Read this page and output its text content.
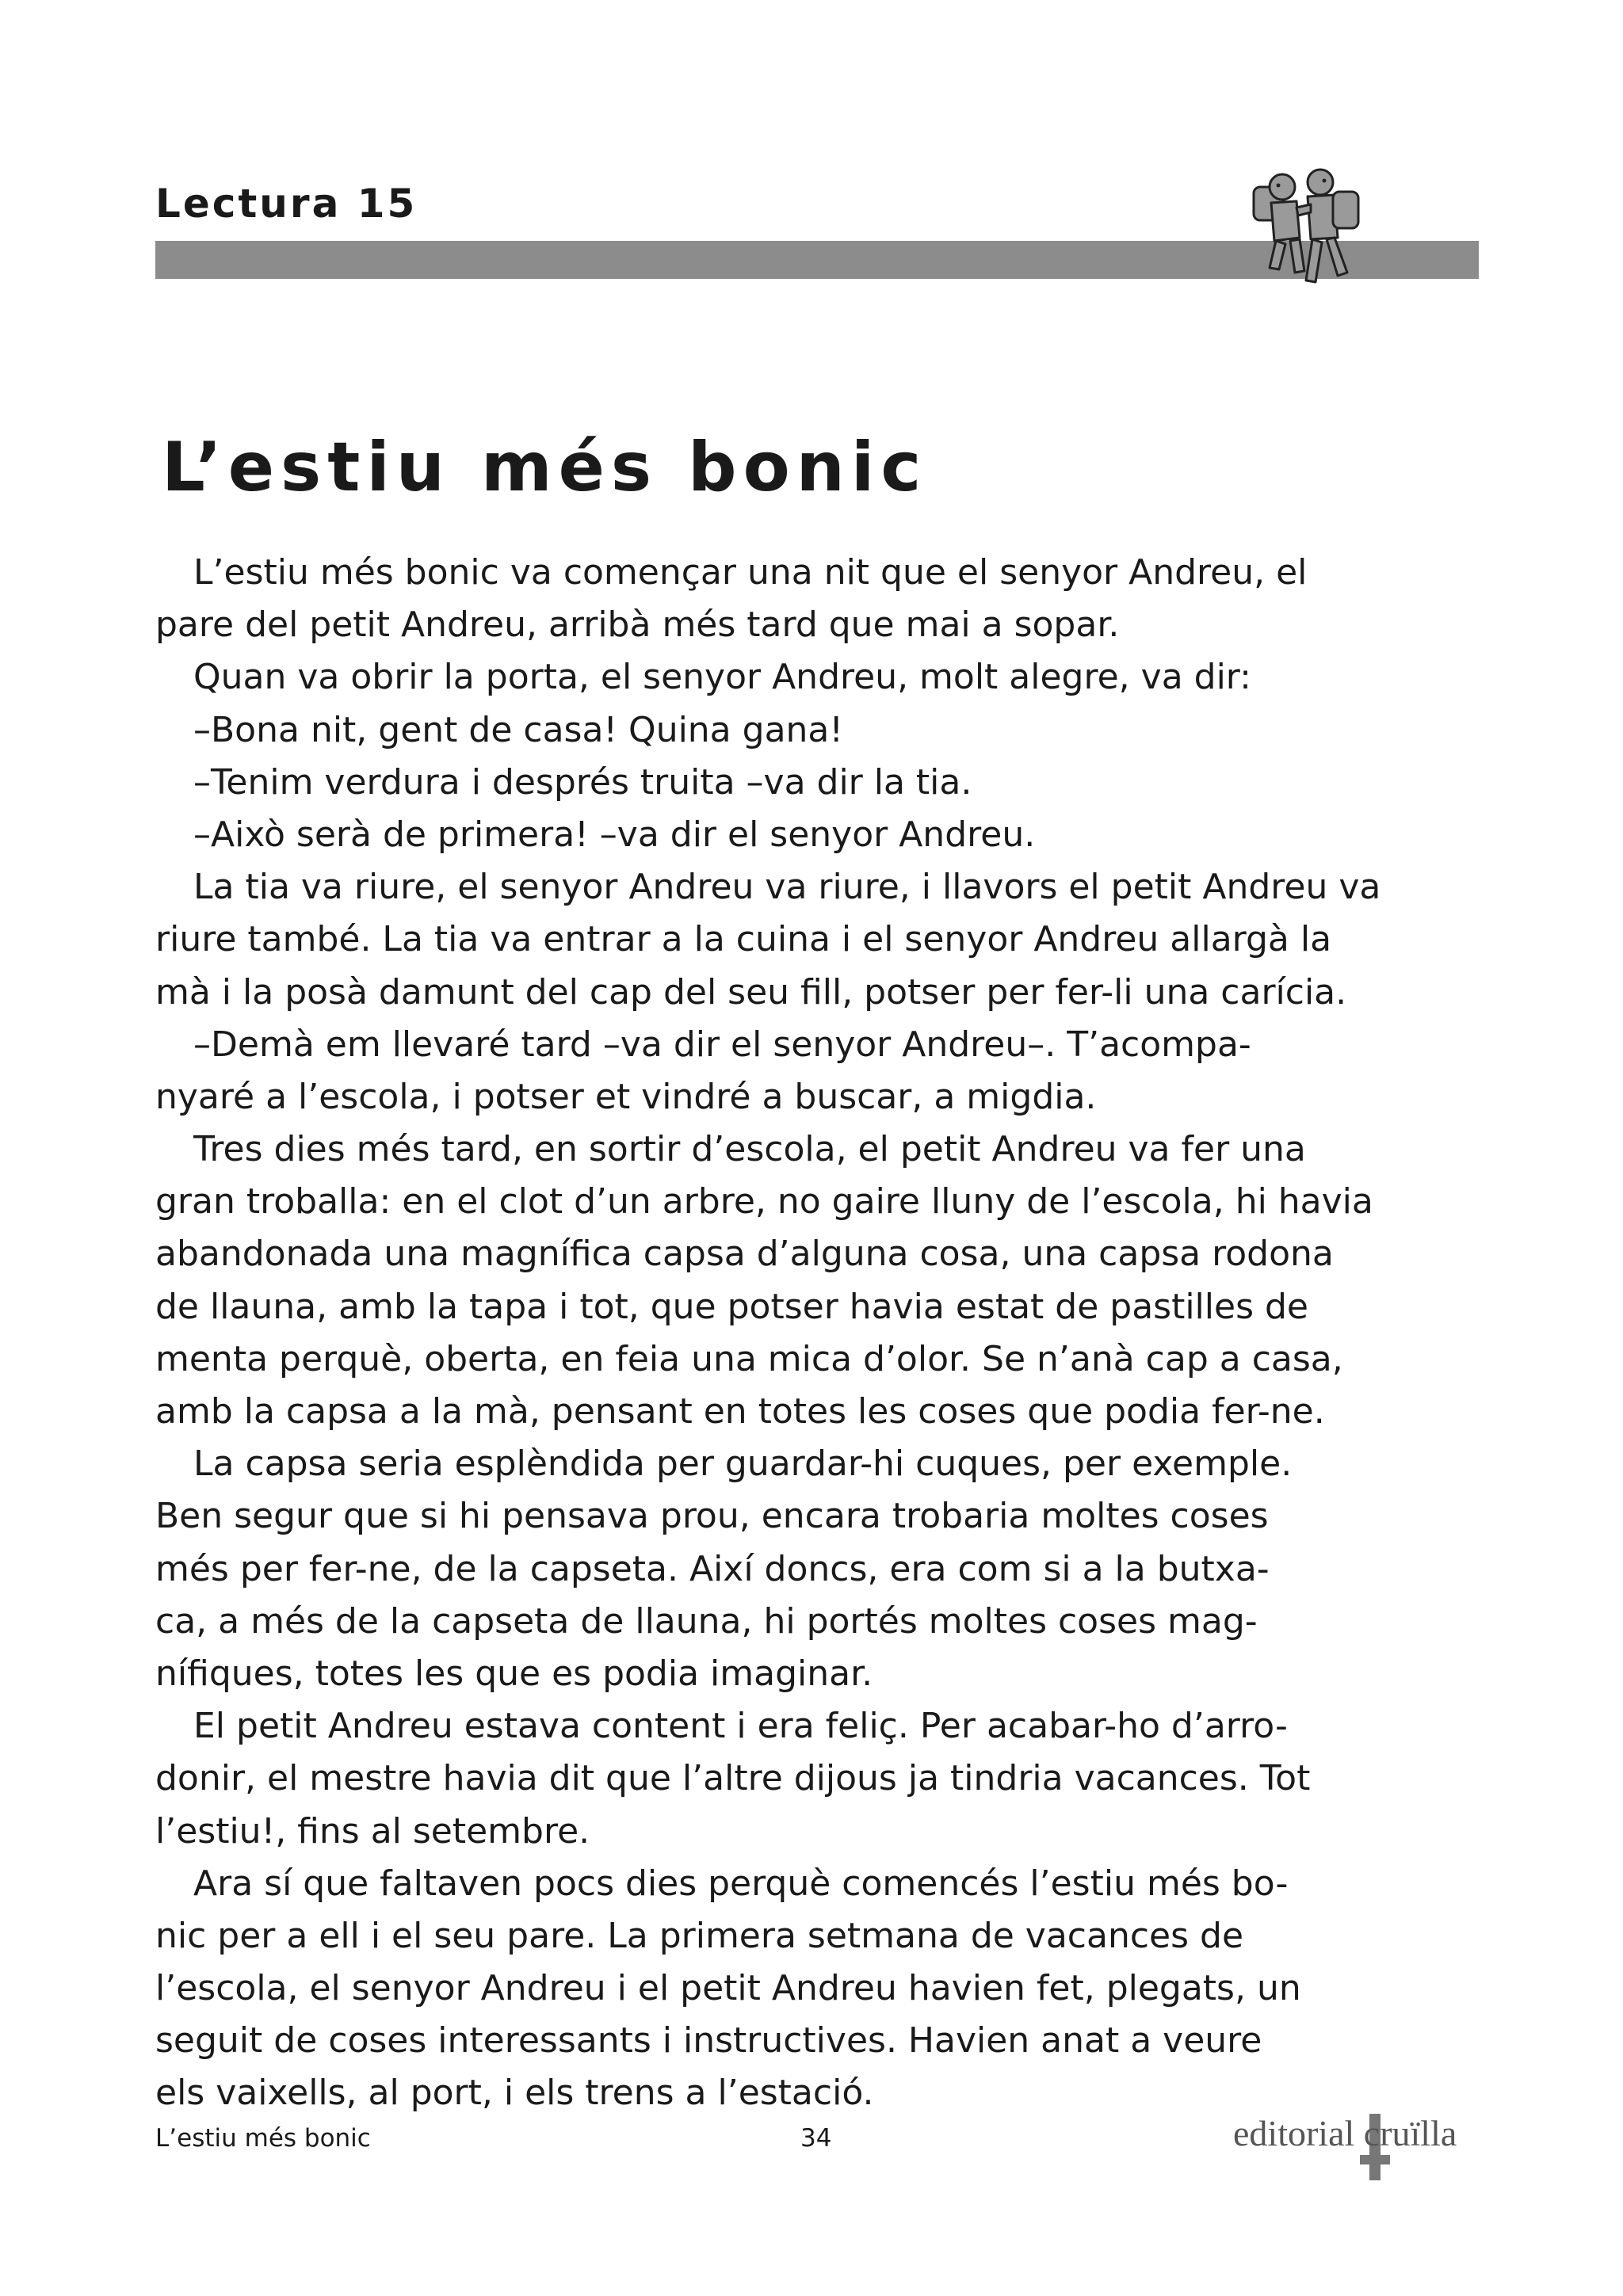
Lectura 15
L’estiu més bonic
L’estiu més bonic va començar una nit que el senyor Andreu, el
pare del petit Andreu, arribà més tard que mai a sopar.
Quan va obrir la porta, el senyor Andreu, molt alegre, va dir:
–Bona nit, gent de casa! Quina gana!
–Tenim verdura i després truita –va dir la tia.
–Això serà de primera! –va dir el senyor Andreu.
La tia va riure, el senyor Andreu va riure, i llavors el petit Andreu va
riure també. La tia va entrar a la cuina i el senyor Andreu allargà la
mà i la posà damunt del cap del seu fill, potser per fer-li una carícia.
–Demà em llevaré tard –va dir el senyor Andreu–. T’acompa-
nyaré a l’escola, i potser et vindré a buscar, a migdia.
Tres dies més tard, en sortir d’escola, el petit Andreu va fer una
gran troballa: en el clot d’un arbre, no gaire lluny de l’escola, hi havia
abandonada una magnífica capsa d’alguna cosa, una capsa rodona
de llauna, amb la tapa i tot, que potser havia estat de pastilles de
menta perquè, oberta, en feia una mica d’olor. Se n’anà cap a casa,
amb la capsa a la mà, pensant en totes les coses que podia fer-ne.
La capsa seria esplèndida per guardar-hi cuques, per exemple.
Ben segur que si hi pensava prou, encara trobaria moltes coses
més per fer-ne, de la capseta. Així doncs, era com si a la butxa-
ca, a més de la capseta de llauna, hi portés moltes coses mag-
nífiques, totes les que es podia imaginar.
El petit Andreu estava content i era feliç. Per acabar-ho d’arro-
donir, el mestre havia dit que l’altre dijous ja tindria vacances. Tot
l’estiu!, fins al setembre.
Ara sí que faltaven pocs dies perquè comencés l’estiu més bo-
nic per a ell i el seu pare. La primera setmana de vacances de
l’escola, el senyor Andreu i el petit Andreu havien fet, plegats, un
seguit de coses interessants i instructives. Havien anat a veure
els vaixells, al port, i els trens a l’estació.
L’estiu més bonic	34	editorial cruïlla
